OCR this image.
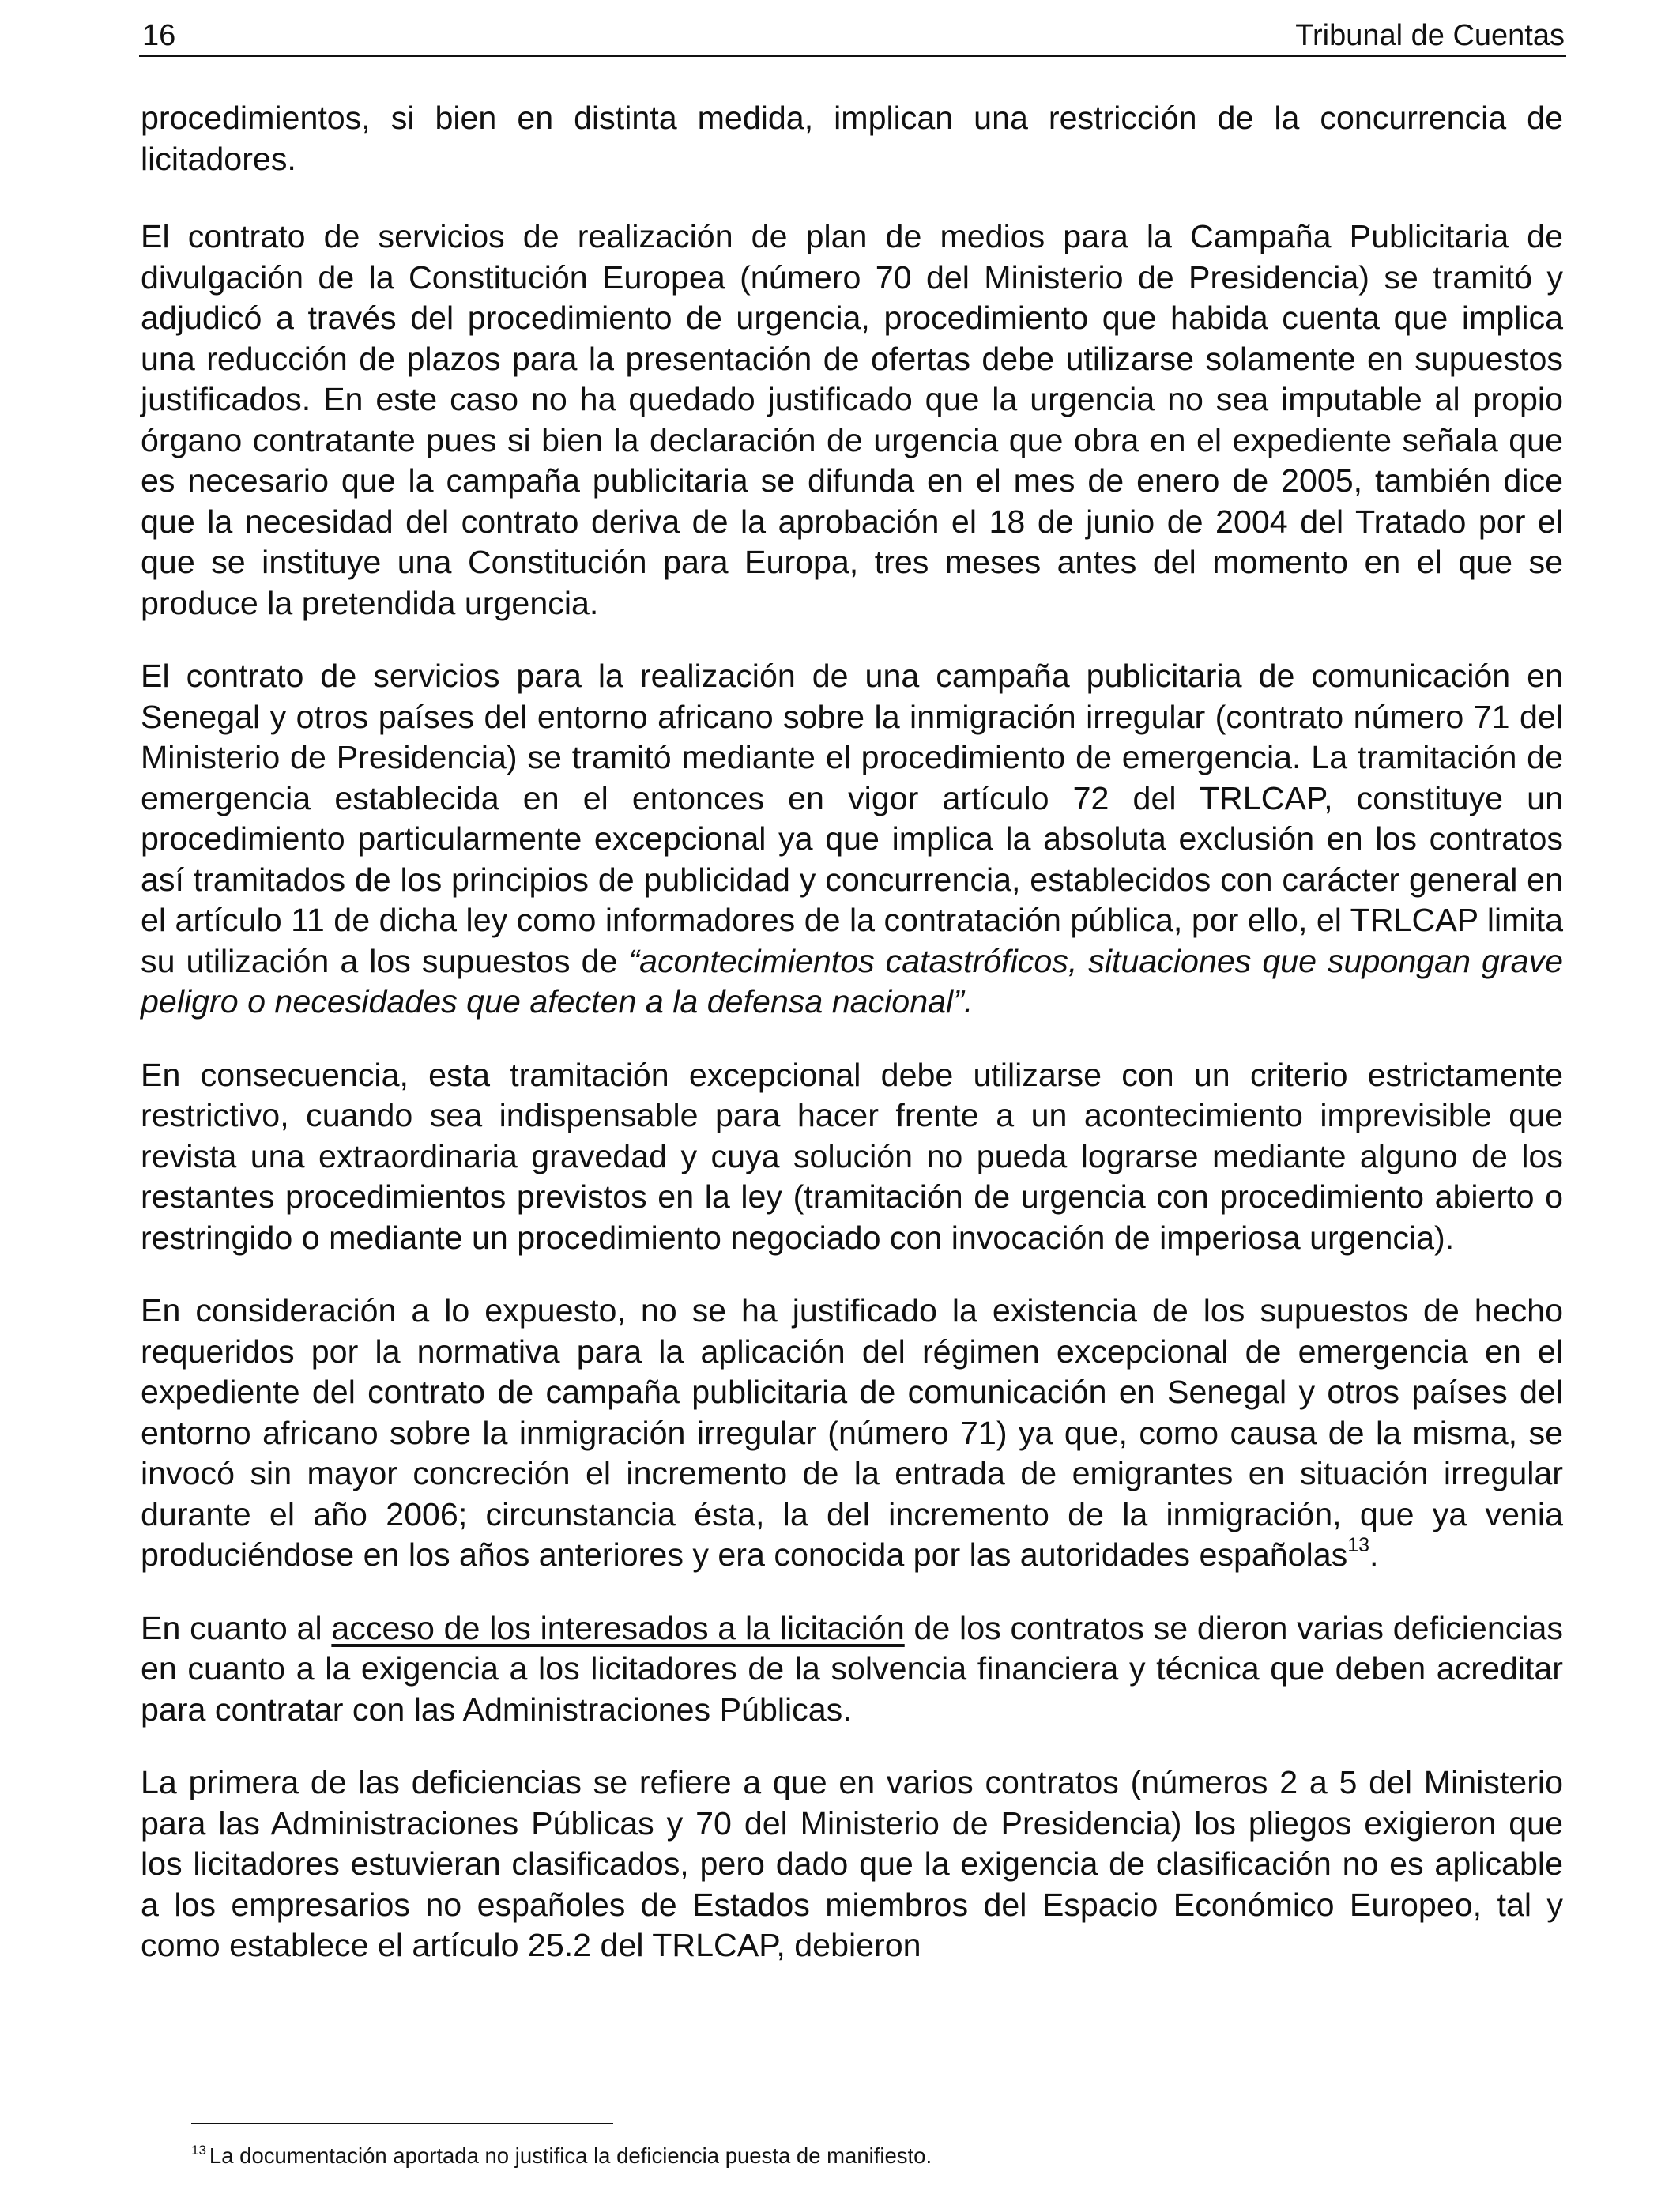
16	Tribunal de Cuentas

procedimientos, si bien en distinta medida, implican una restricción de la concurrencia de licitadores.

El contrato de servicios de realización de plan de medios para la Campaña Publicitaria de divulgación de la Constitución Europea (número 70 del Ministerio de Presidencia) se tramitó y adjudicó a través del procedimiento de urgencia, procedimiento que habida cuenta que implica una reducción de plazos para la presentación de ofertas debe utilizarse solamente en supuestos justificados. En este caso no ha quedado justificado que la urgencia no sea imputable al propio órgano contratante pues si bien la declaración de urgencia que obra en el expediente señala que es necesario que la campaña publicitaria se difunda en el mes de enero de 2005, también dice que la necesidad del contrato deriva de la aprobación el 18 de junio de 2004 del Tratado por el que se instituye una Constitución para Europa, tres meses antes del momento en el que se produce la pretendida urgencia.

El contrato de servicios para la realización de una campaña publicitaria de comunicación en Senegal y otros países del entorno africano sobre la inmigración irregular (contrato número 71 del Ministerio de Presidencia) se tramitó mediante el procedimiento de emergencia. La tramitación de emergencia establecida en el entonces en vigor artículo 72 del TRLCAP, constituye un procedimiento particularmente excepcional ya que implica la absoluta exclusión en los contratos así tramitados de los principios de publicidad y concurrencia, establecidos con carácter general en el artículo 11 de dicha ley como informadores de la contratación pública, por ello, el TRLCAP limita su utilización a los supuestos de “acontecimientos catastróficos, situaciones que supongan grave peligro o necesidades que afecten a la defensa nacional”.

En consecuencia, esta tramitación excepcional debe utilizarse con un criterio estrictamente restrictivo, cuando sea indispensable para hacer frente a un acontecimiento imprevisible que revista una extraordinaria gravedad y cuya solución no pueda lograrse mediante alguno de los restantes procedimientos previstos en la ley (tramitación de urgencia con procedimiento abierto o restringido o mediante un procedimiento negociado con invocación de imperiosa urgencia).

En consideración a lo expuesto, no se ha justificado la existencia de los supuestos de hecho requeridos por la normativa para la aplicación del régimen excepcional de emergencia en el expediente del contrato de campaña publicitaria de comunicación en Senegal y otros países del entorno africano sobre la inmigración irregular (número 71) ya que, como causa de la misma, se invocó sin mayor concreción el incremento de la entrada de emigrantes en situación irregular durante el año 2006; circunstancia ésta, la del incremento de la inmigración, que ya venia produciéndose en los años anteriores y era conocida por las autoridades españolas$^{13}$.

En cuanto al acceso de los interesados a la licitación de los contratos se dieron varias deficiencias en cuanto a la exigencia a los licitadores de la solvencia financiera y técnica que deben acreditar para contratar con las Administraciones Públicas.

La primera de las deficiencias se refiere a que en varios contratos (números 2 a 5 del Ministerio para las Administraciones Públicas y 70 del Ministerio de Presidencia) los pliegos exigieron que los licitadores estuvieran clasificados, pero dado que la exigencia de clasificación no es aplicable a los empresarios no españoles de Estados miembros del Espacio Económico Europeo, tal y como establece el artículo 25.2 del TRLCAP, debieron

$^{13}$ La documentación aportada no justifica la deficiencia puesta de manifiesto.
